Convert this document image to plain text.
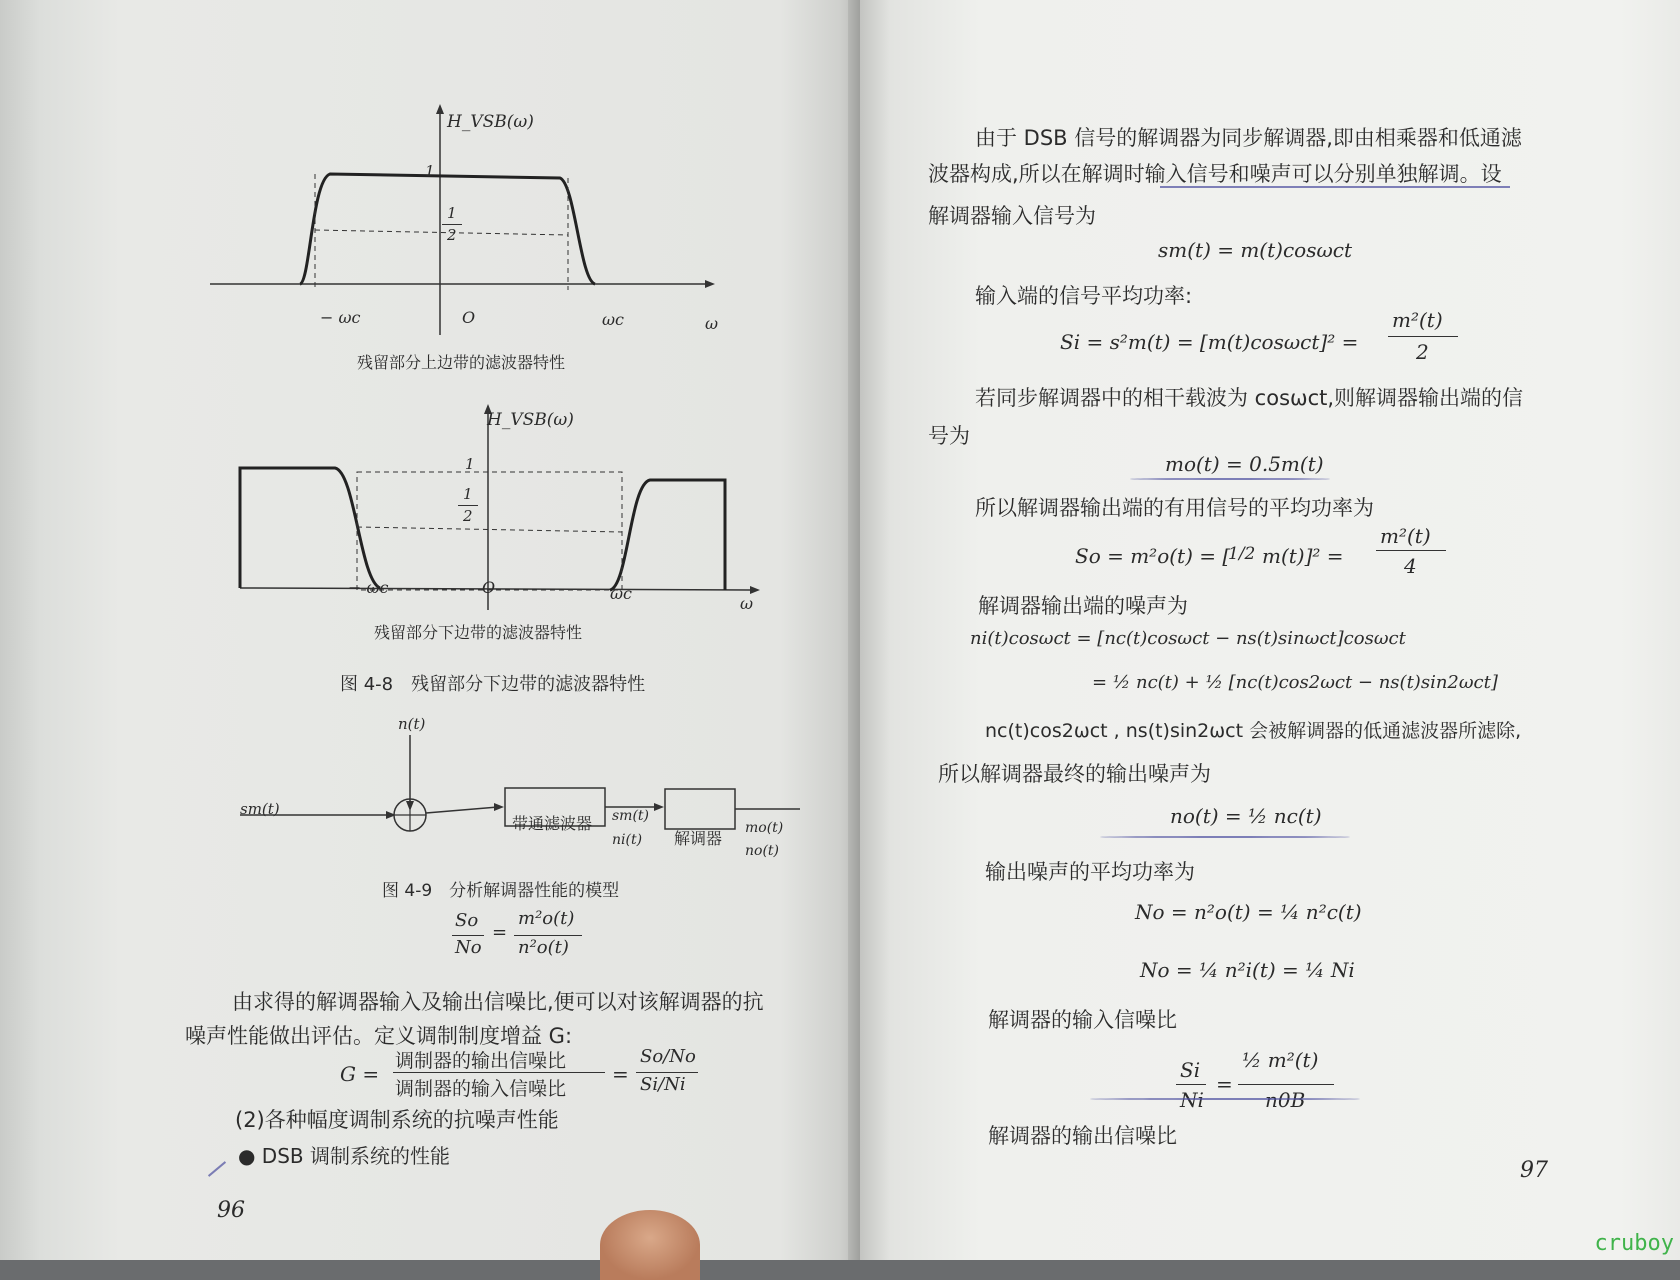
H_VSB(ω)
1
1
2
− ωc	O	ωc	ω
残留部分上边带的滤波器特性
H_VSB(ω)
1
1
2
− ωc	O	ωc
ω
残留部分下边带的滤波器特性
图 4-8　残留部分下边带的滤波器特性
n(t)
sm(t)
带通滤波器 sm(t)
ni(t) 解调器
mo(t)
no(t)
图 4-9　分析解调器性能的模型
So
No
=
m²o(t)
n²o(t)
由求得的解调器输入及输出信噪比,便可以对该解调器的抗
噪声性能做出评估。定义调制制度增益 G:
G =
调制器的输出信噪比
调制器的输入信噪比
=
So/No
Si/Ni
(2)各种幅度调制系统的抗噪声性能
● DSB 调制系统的性能
96
由于 DSB 信号的解调器为同步解调器,即由相乘器和低通滤
波器构成,所以在解调时输入信号和噪声可以分别单独解调。设
解调器输入信号为
sm(t) = m(t)cosωct
输入端的信号平均功率:
Si = s²m(t) = [m(t)cosωct]² =
m²(t)
2
若同步解调器中的相干载波为 cosωct,则解调器输出端的信
号为
mo(t) = 0.5m(t)
所以解调器输出端的有用信号的平均功率为
So = m²o(t) = [
1/2 m(t)]² =
m²(t)
4
解调器输出端的噪声为
ni(t)cosωct = [nc(t)cosωct − ns(t)sinωct]cosωct
= ½ nc(t) + ½ [nc(t)cos2ωct − ns(t)sin2ωct]
nc(t)cos2ωct , ns(t)sin2ωct 会被解调器的低通滤波器所滤除,
所以解调器最终的输出噪声为
no(t) = ½ nc(t)
输出噪声的平均功率为
No = n²o(t) = ¼ n²c(t)
No = ¼ n²i(t) = ¼ Ni
解调器的输入信噪比
Si
Ni
=
½ m²(t)
n0B
解调器的输出信噪比
97
cruboy
